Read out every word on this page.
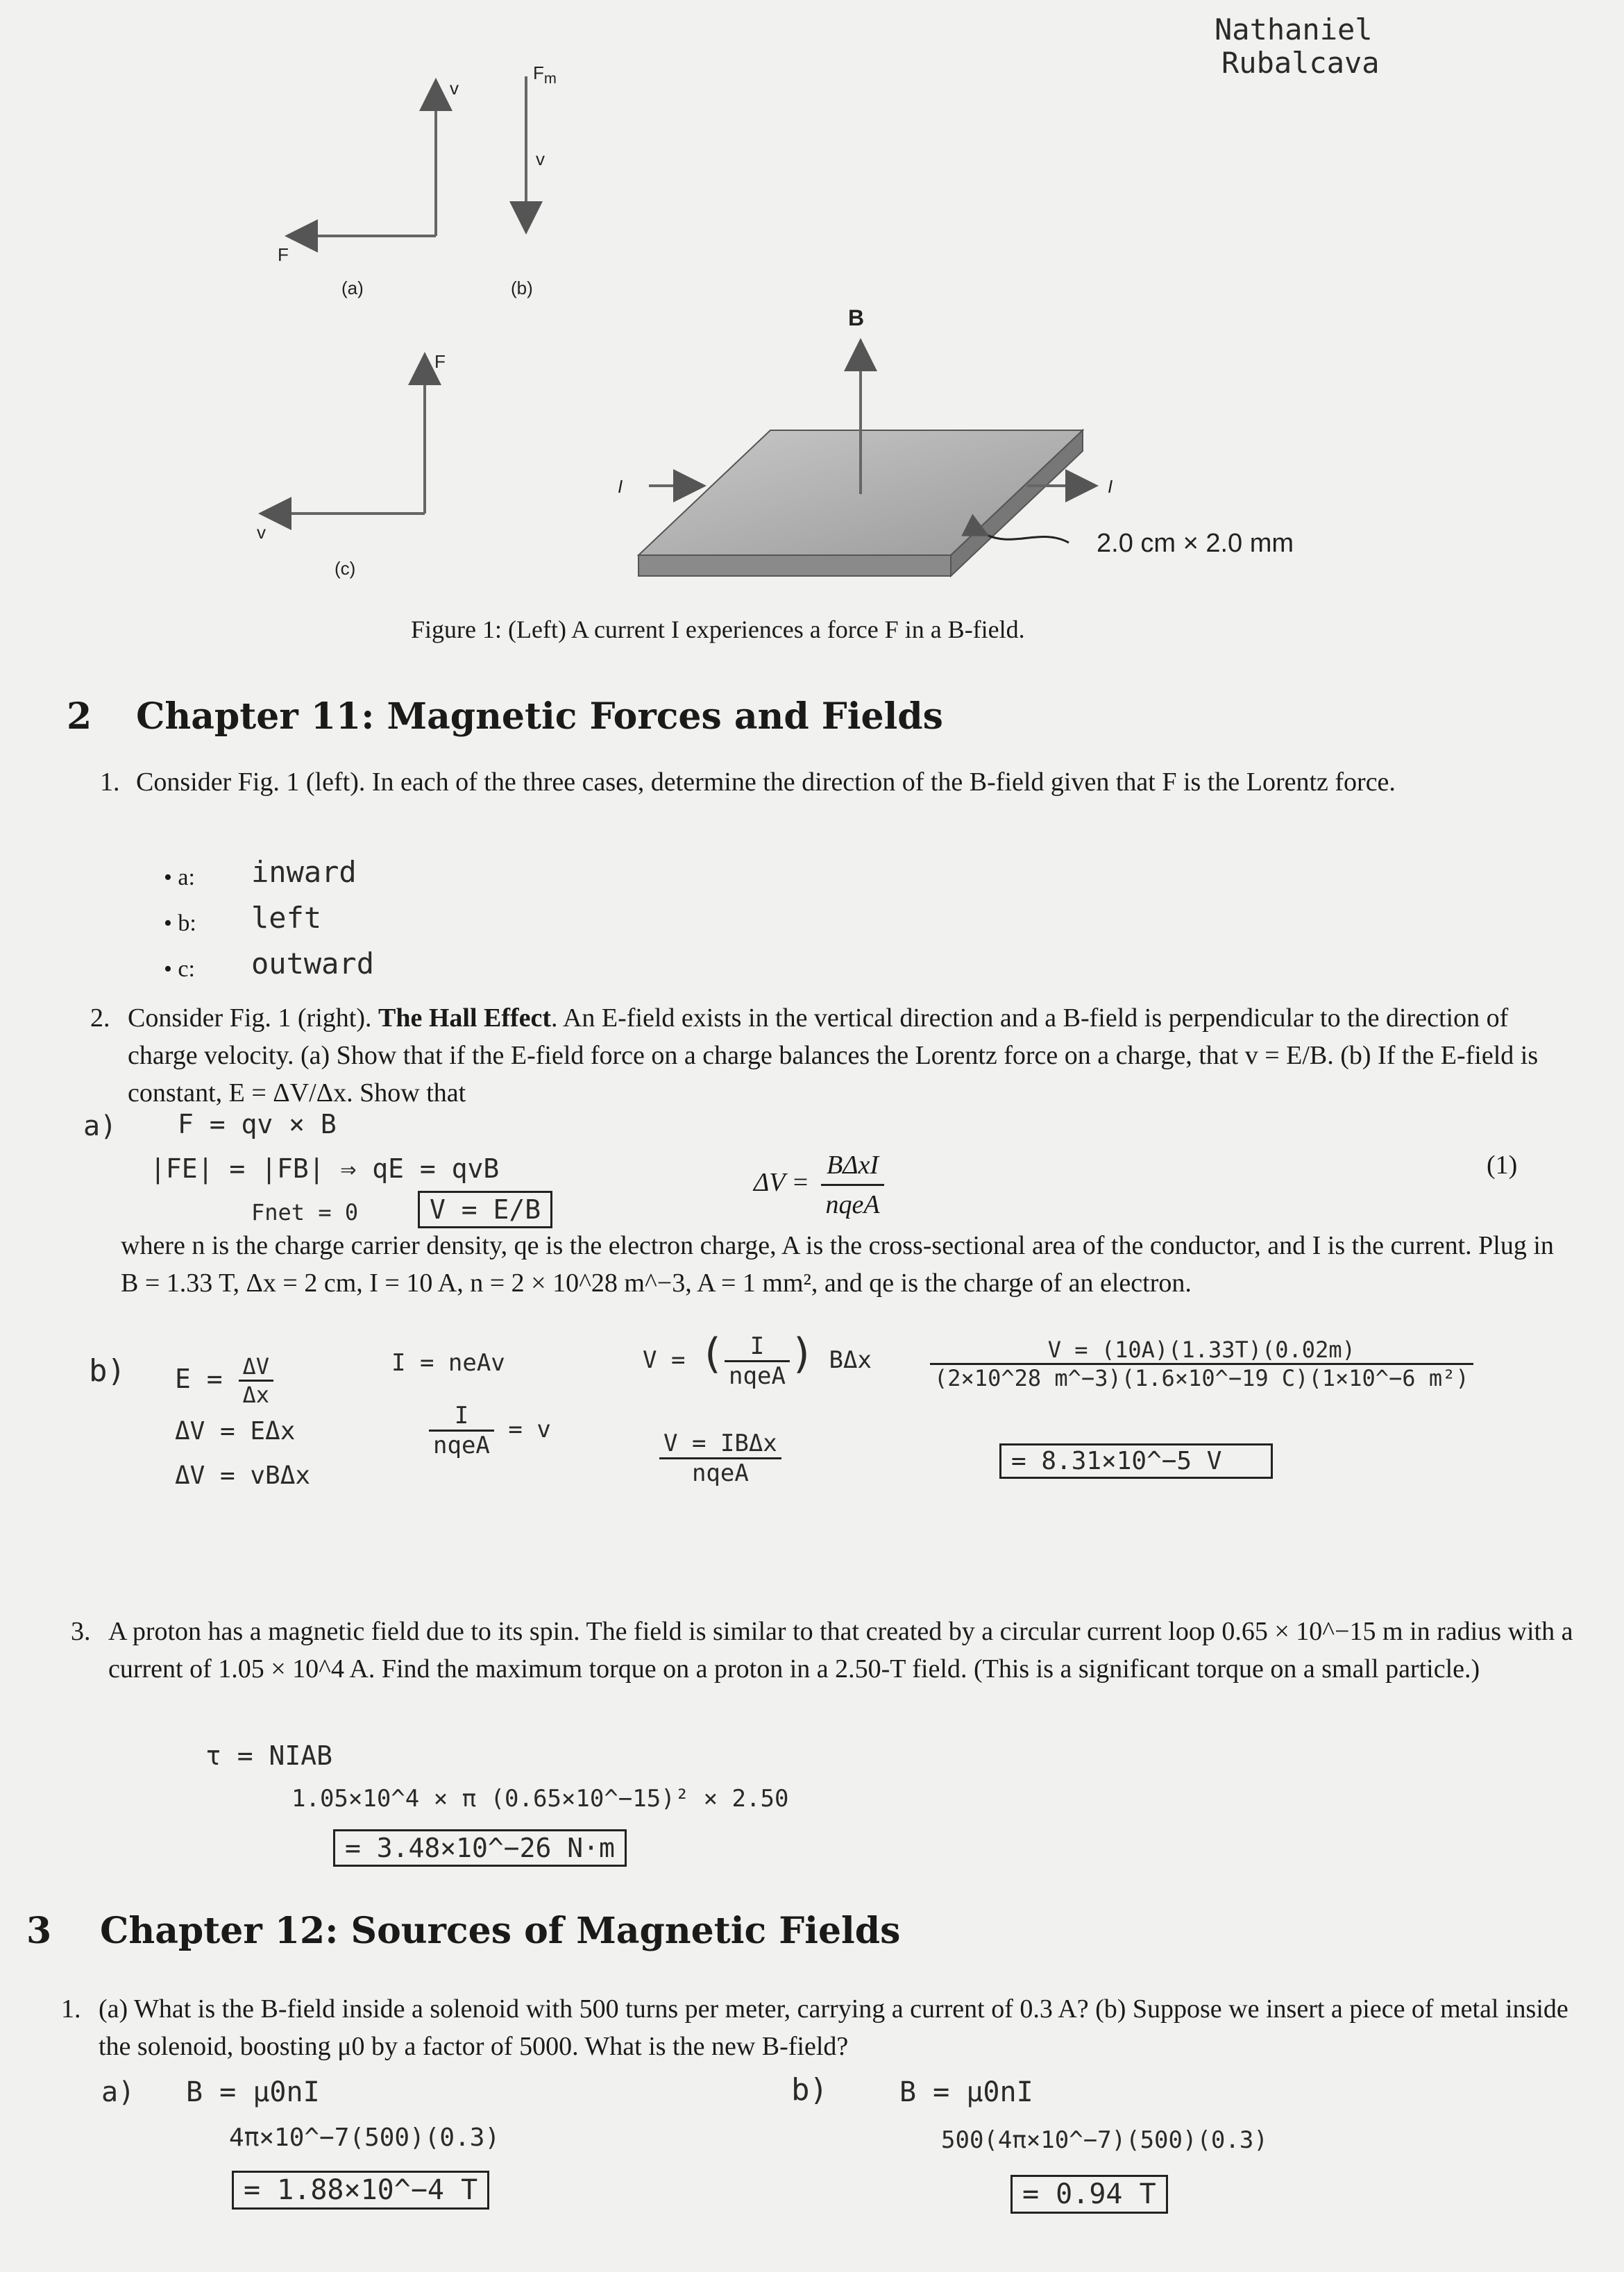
Nathaniel
Rubalcava
v
F
(a)
$F_m$
v
(b)
F
v
(c)
B
I	I
2.0 cm × 2.0 mm
Figure 1: (Left) A current I experiences a force F in a B-field.
2 Chapter 11: Magnetic Forces and Fields
1. Consider Fig. 1 (left). In each of the three cases, determine the direction of the B-field given that F is the Lorentz force.
• a: inward
• b: left
• c: outward
2. Consider Fig. 1 (right). The Hall Effect. An E-field exists in the vertical direction and a B-field is perpendicular to the direction of charge velocity. (a) Show that if the E-field force on a charge balances the Lorentz force on a charge, that v = E/B. (b) If the E-field is constant, E = ΔV/Δx. Show that
a) F = qv × B
|FE| = |FB| ⇒ qE = qvB
Fnet = 0	V = E/B
$\Delta V = \frac{\text{BΔxI}}{\text{nqeA}}$	(1)
where n is the charge carrier density, qe is the electron charge, A is the cross-sectional area of the conductor, and I is the current. Plug in B = 1.33 T, Δx = 2 cm, I = 10 A, n = 2 × 10^28 m^−3, A = 1 mm², and qe is the charge of an electron.
b) $E = \frac{\Delta V}{\Delta x}$
ΔV = EΔx
ΔV = vBΔx
I = neAv
$\frac{I}{\text{nqeA}} = v$
V = ( $\frac{I}{\text{nqeA}}$ ) BΔx
$\frac{\text{V = IBΔx}}{\text{nqeA}}$
$\frac{V = (10A)(1.33T)(0.02m)}{\text{(2×10\textasciicircum{}28 m\textasciicircum{}−3)(1.6×10\textasciicircum{}−19 C)(1×10\textasciicircum{}−6 m²)}}$
= 8.31×10^−5 V
3. A proton has a magnetic field due to its spin. The field is similar to that created by a circular current loop 0.65 × 10^−15 m in radius with a current of 1.05 × 10^4 A. Find the maximum torque on a proton in a 2.50-T field. (This is a significant torque on a small particle.)
τ = NIAB
1.05×10^4 × π (0.65×10^−15)² × 2.50
= 3.48×10^−26 N·m
3 Chapter 12: Sources of Magnetic Fields
1. (a) What is the B-field inside a solenoid with 500 turns per meter, carrying a current of 0.3 A? (b) Suppose we insert a piece of metal inside the solenoid, boosting μ0 by a factor of 5000. What is the new B-field?
a) B = μ0nI
4π×10^−7(500)(0.3)
= 1.88×10^−4 T
b)	B = μ0nI
500(4π×10^−7)(500)(0.3)
= 0.94 T
